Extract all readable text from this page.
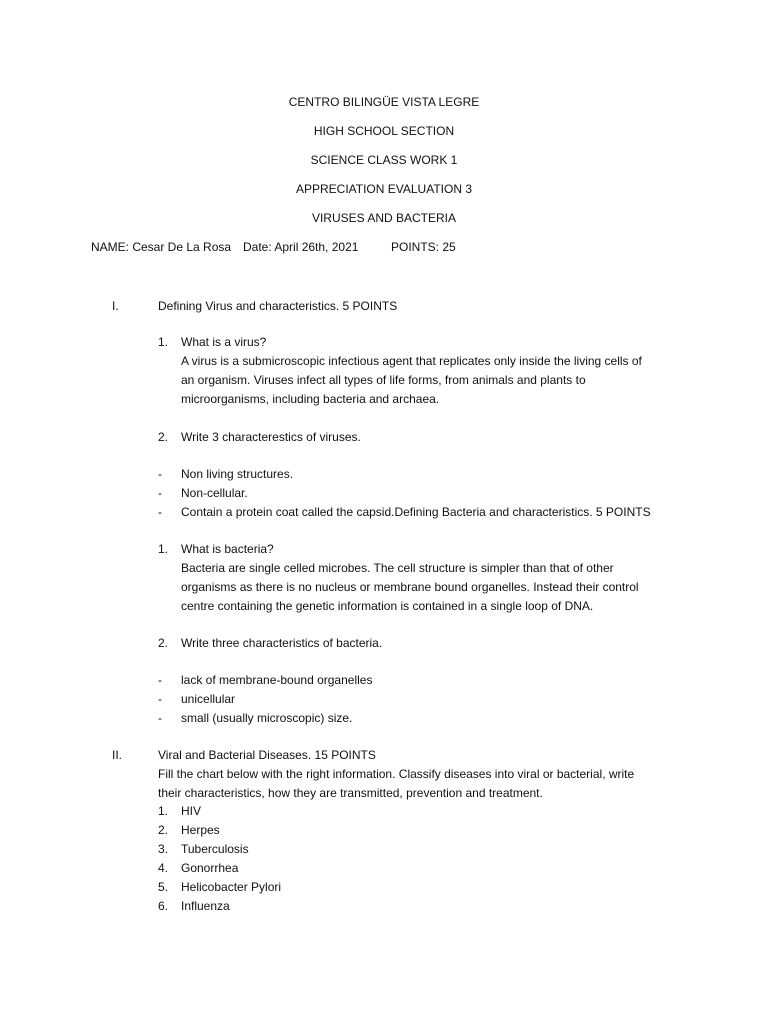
CENTRO BILINGÜE VISTA LEGRE
HIGH SCHOOL SECTION
SCIENCE CLASS WORK 1
APPRECIATION EVALUATION 3
VIRUSES AND BACTERIA
NAME: Cesar De La Rosa Date: April 26th, 2021	POINTS: 25
I.	Defining Virus and characteristics. 5 POINTS
1. What is a virus?
A virus is a submicroscopic infectious agent that replicates only inside the living cells of
an organism. Viruses infect all types of life forms, from animals and plants to
microorganisms, including bacteria and archaea.
2. Write 3 characterestics of viruses.
- Non living structures.
- Non-cellular.
- Contain a protein coat called the capsid.Defining Bacteria and characteristics. 5 POINTS
1. What is bacteria?
Bacteria are single celled microbes. The cell structure is simpler than that of other
organisms as there is no nucleus or membrane bound organelles. Instead their control
centre containing the genetic information is contained in a single loop of DNA.
2. Write three characteristics of bacteria.
- lack of membrane-bound organelles
- unicellular
- small (usually microscopic) size.
II.	Viral and Bacterial Diseases. 15 POINTS
Fill the chart below with the right information. Classify diseases into viral or bacterial, write
their characteristics, how they are transmitted, prevention and treatment.
1. HIV
2. Herpes
3. Tuberculosis
4. Gonorrhea
5. Helicobacter Pylori
6. Influenza
